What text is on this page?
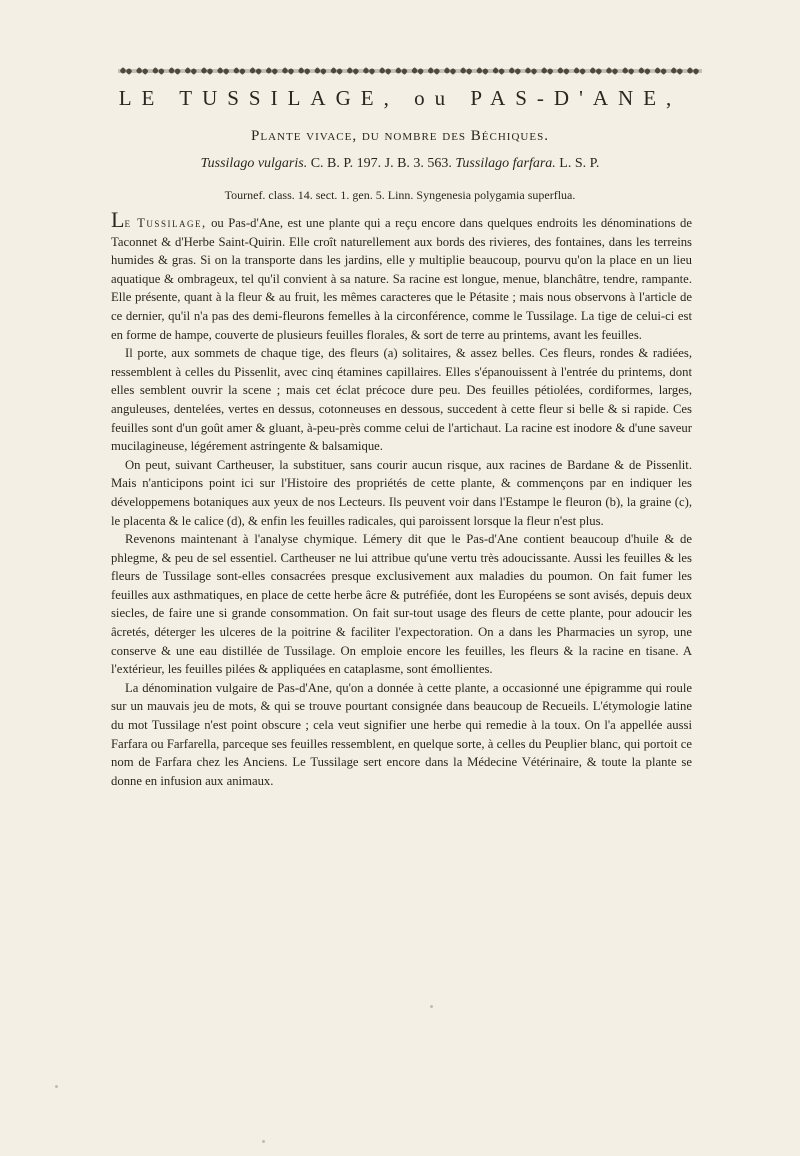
LE TUSSILAGE, ou PAS-D'ANE,
Plante vivace, du nombre des Béchiques.
Tussilago vulgaris. C. B. P. 197. J. B. 3. 563. Tussilago farfara. L. S. P.
Tournef. class. 14. sect. 1. gen. 5. Linn. Syngenesia polygamia superflua.

Le Tussilage, ou Pas-d'Ane, est une plante qui a reçu encore dans quelques endroits les dénominations de Taconnet & d'Herbe Saint-Quirin. Elle croît naturellement aux bords des rivieres, des fontaines, dans les terreins humides & gras. Si on la transporte dans les jardins, elle y multiplie beaucoup, pourvu qu'on la place en un lieu aquatique & ombrageux, tel qu'il convient à sa nature. Sa racine est longue, menue, blanchâtre, tendre, rampante. Elle présente, quant à la fleur & au fruit, les mêmes caracteres que le Pétasite ; mais nous observons à l'article de ce dernier, qu'il n'a pas des demi-fleurons femelles à la circonférence, comme le Tussilage. La tige de celui-ci est en forme de hampe, couverte de plusieurs feuilles florales, & sort de terre au printems, avant les feuilles.

Il porte, aux sommets de chaque tige, des fleurs (a) solitaires, & assez belles. Ces fleurs, rondes & radiées, ressemblent à celles du Pissenlit, avec cinq étamines capillaires. Elles s'épanouissent à l'entrée du printems, dont elles semblent ouvrir la scene ; mais cet éclat précoce dure peu. Des feuilles pétiolées, cordiformes, larges, anguleuses, dentelées, vertes en dessus, cotonneuses en dessous, succedent à cette fleur si belle & si rapide. Ces feuilles sont d'un goût amer & gluant, à-peu-près comme celui de l'artichaut. La racine est inodore & d'une saveur mucilagineuse, légérement astringente & balsamique.

On peut, suivant Cartheuser, la substituer, sans courir aucun risque, aux racines de Bardane & de Pissenlit. Mais n'anticipons point ici sur l'Histoire des propriétés de cette plante, & commençons par en indiquer les développemens botaniques aux yeux de nos Lecteurs. Ils peuvent voir dans l'Estampe le fleuron (b), la graine (c), le placenta & le calice (d), & enfin les feuilles radicales, qui paroissent lorsque la fleur n'est plus.

Revenons maintenant à l'analyse chymique. Lémery dit que le Pas-d'Ane contient beaucoup d'huile & de phlegme, & peu de sel essentiel. Cartheuser ne lui attribue qu'une vertu très adoucissante. Aussi les feuilles & les fleurs de Tussilage sont-elles consacrées presque exclusivement aux maladies du poumon. On fait fumer les feuilles aux asthmatiques, en place de cette herbe âcre & putréfiée, dont les Européens se sont avisés, depuis deux siecles, de faire une si grande consommation. On fait sur-tout usage des fleurs de cette plante, pour adoucir les âcretés, déterger les ulceres de la poitrine & faciliter l'expectoration. On a dans les Pharmacies un syrop, une conserve & une eau distillée de Tussilage. On emploie encore les feuilles, les fleurs & la racine en tisane. A l'extérieur, les feuilles pilées & appliquées en cataplasme, sont émollientes.

La dénomination vulgaire de Pas-d'Ane, qu'on a donnée à cette plante, a occasionné une épigramme qui roule sur un mauvais jeu de mots, & qui se trouve pourtant consignée dans beaucoup de Recueils. L'étymologie latine du mot Tussilage n'est point obscure ; cela veut signifier une herbe qui remedie à la toux. On l'a appellée aussi Farfara ou Farfarella, parceque ses feuilles ressemblent, en quelque sorte, à celles du Peuplier blanc, qui portoit ce nom de Farfara chez les Anciens. Le Tussilage sert encore dans la Médecine Vétérinaire, & toute la plante se donne en infusion aux animaux.
